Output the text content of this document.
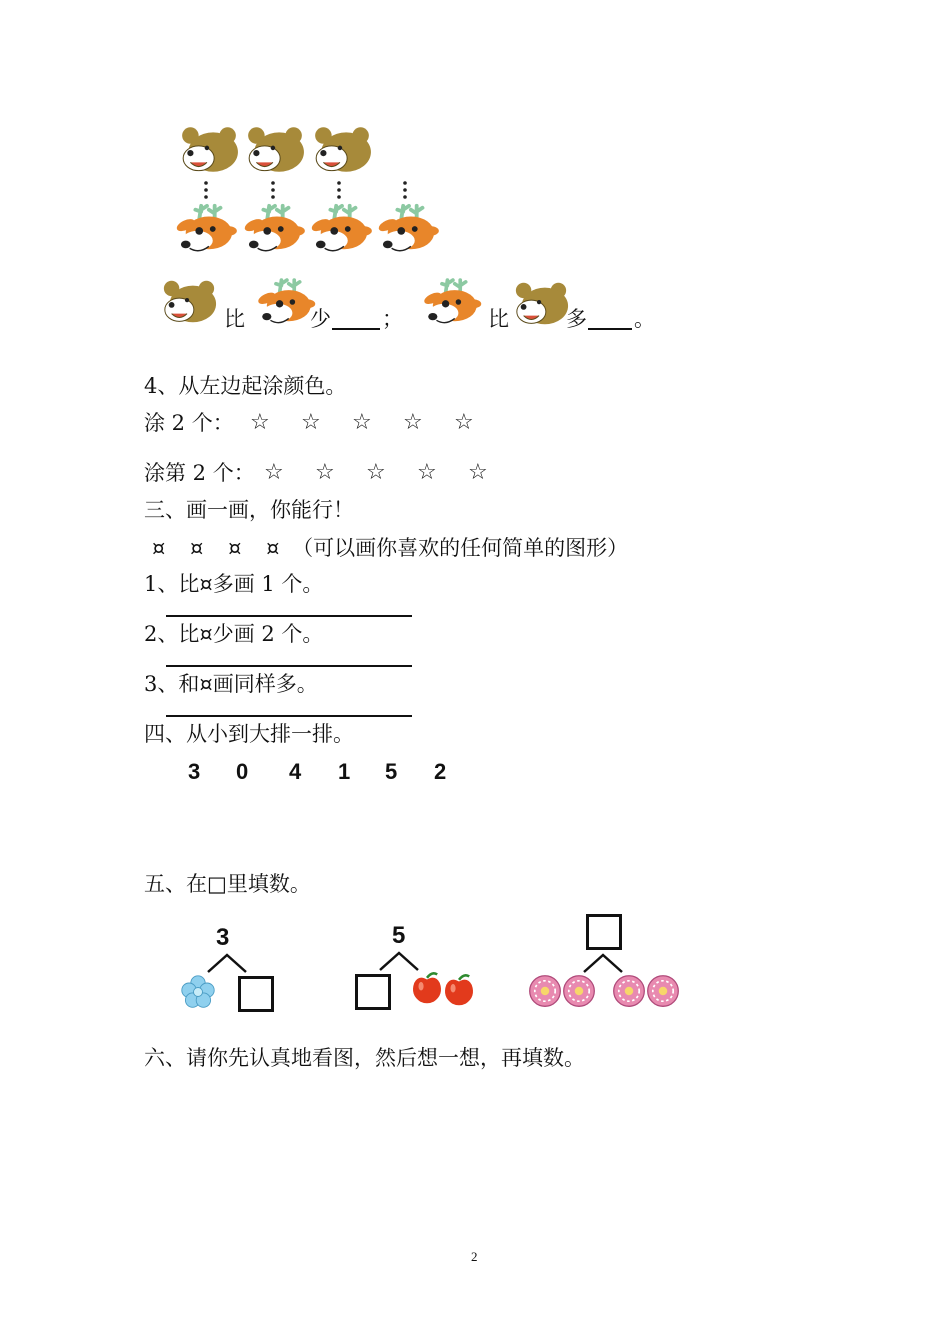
比	少 ；	比	多 。
4、从左边起涂颜色。
涂 2 个： ☆ ☆ ☆ ☆ ☆
涂第 2 个： ☆ ☆ ☆ ☆ ☆
三、画一画，你能行！
¤ ¤ ¤ ¤ （可以画你喜欢的任何简单的图形）
1、比¤多画 1 个。
2、比¤少画 2 个。
3、和¤画同样多。
四、从小到大排一排。
3 0 4 1 5 2
五、在□里填数。
3	5
六、请你先认真地看图，然后想一想，再填数。
2
